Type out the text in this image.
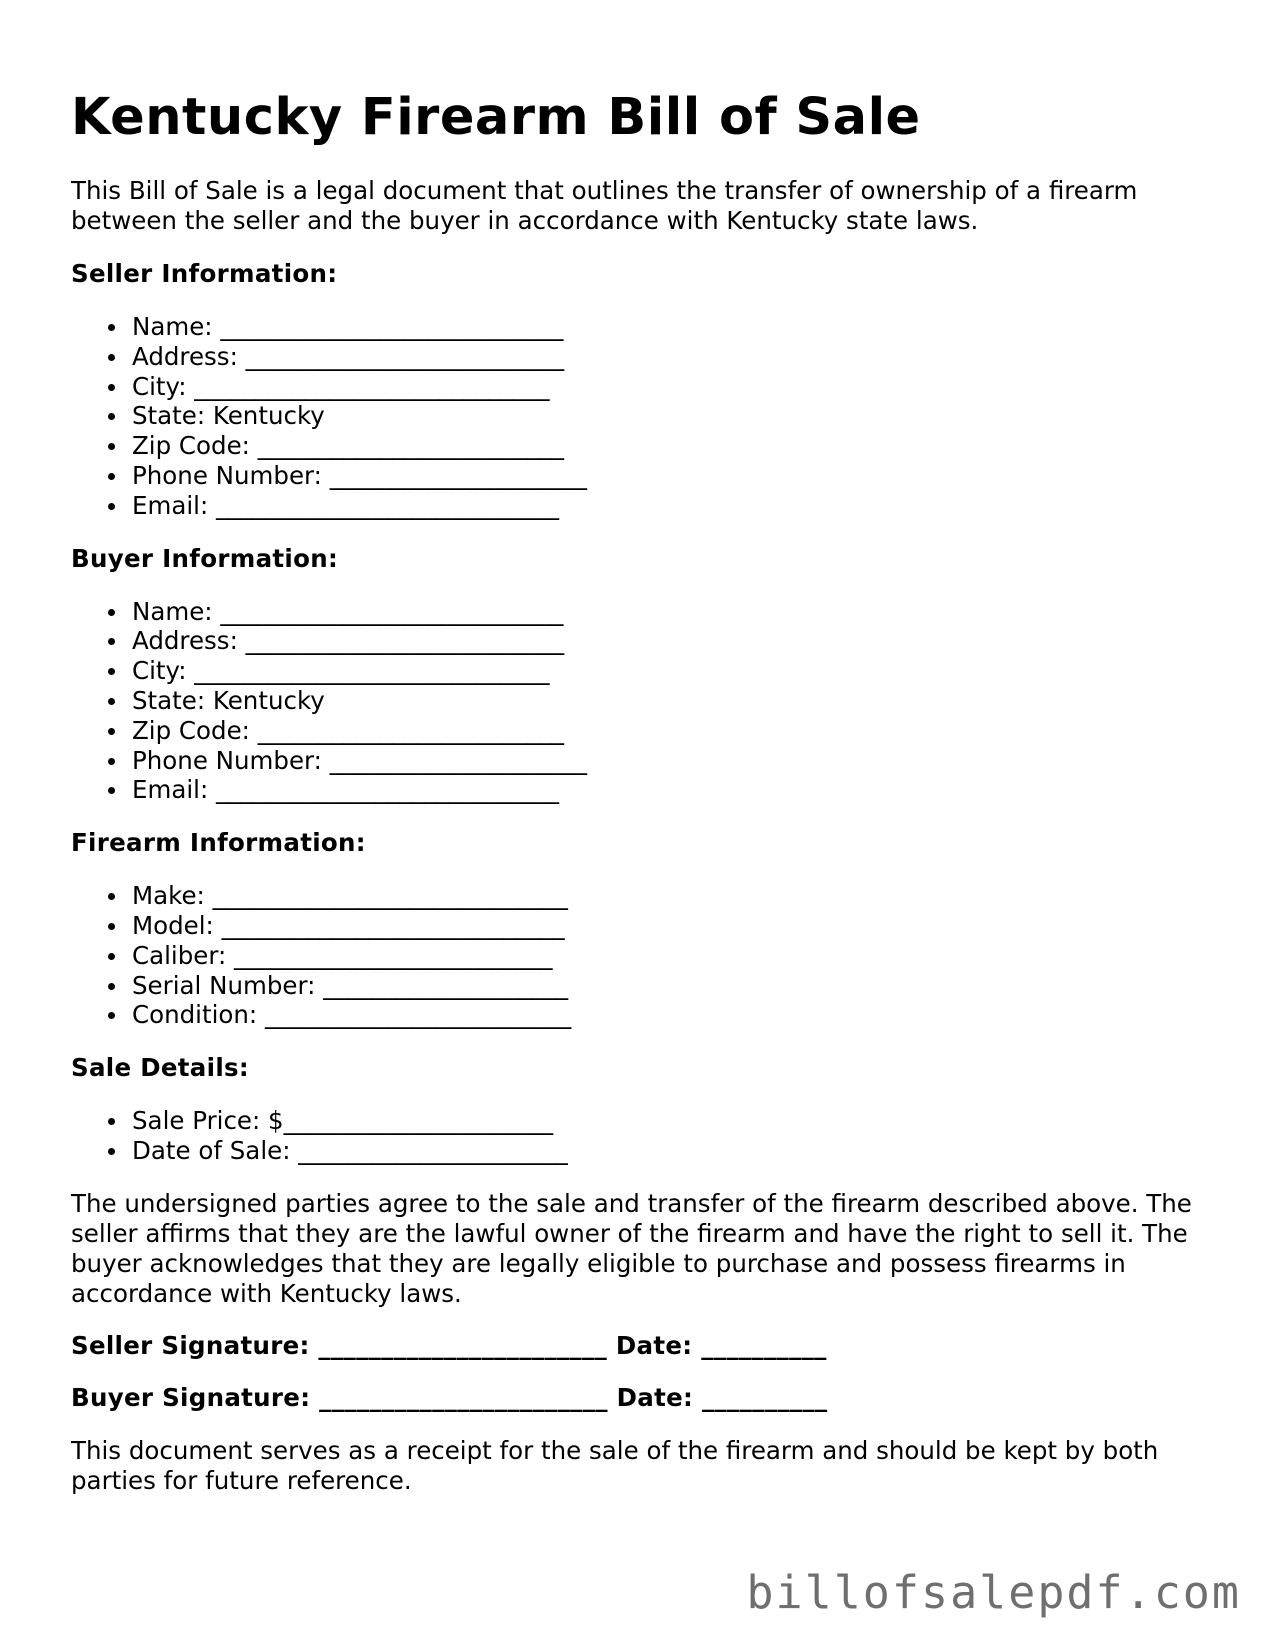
Kentucky Firearm Bill of Sale

This Bill of Sale is a legal document that outlines the transfer of ownership of a firearm between the seller and the buyer in accordance with Kentucky state laws.

Seller Information:
Name: ____________________________
Address: __________________________
City: _____________________________
State: Kentucky
Zip Code: _________________________
Phone Number: _____________________
Email: ____________________________
Buyer Information:
Name: ____________________________
Address: __________________________
City: _____________________________
State: Kentucky
Zip Code: _________________________
Phone Number: _____________________
Email: ____________________________
Firearm Information:
Make: _____________________________
Model: ____________________________
Caliber: __________________________
Serial Number: ____________________
Condition: _________________________
Sale Details:
Sale Price: $______________________
Date of Sale: ______________________

The undersigned parties agree to the sale and transfer of the firearm described above. The seller affirms that they are the lawful owner of the firearm and have the right to sell it. The buyer acknowledges that they are legally eligible to purchase and possess firearms in accordance with Kentucky laws.

Seller Signature: _______________________ Date: __________
Buyer Signature: _______________________ Date: __________

This document serves as a receipt for the sale of the firearm and should be kept by both parties for future reference.

billofsalepdf.com
